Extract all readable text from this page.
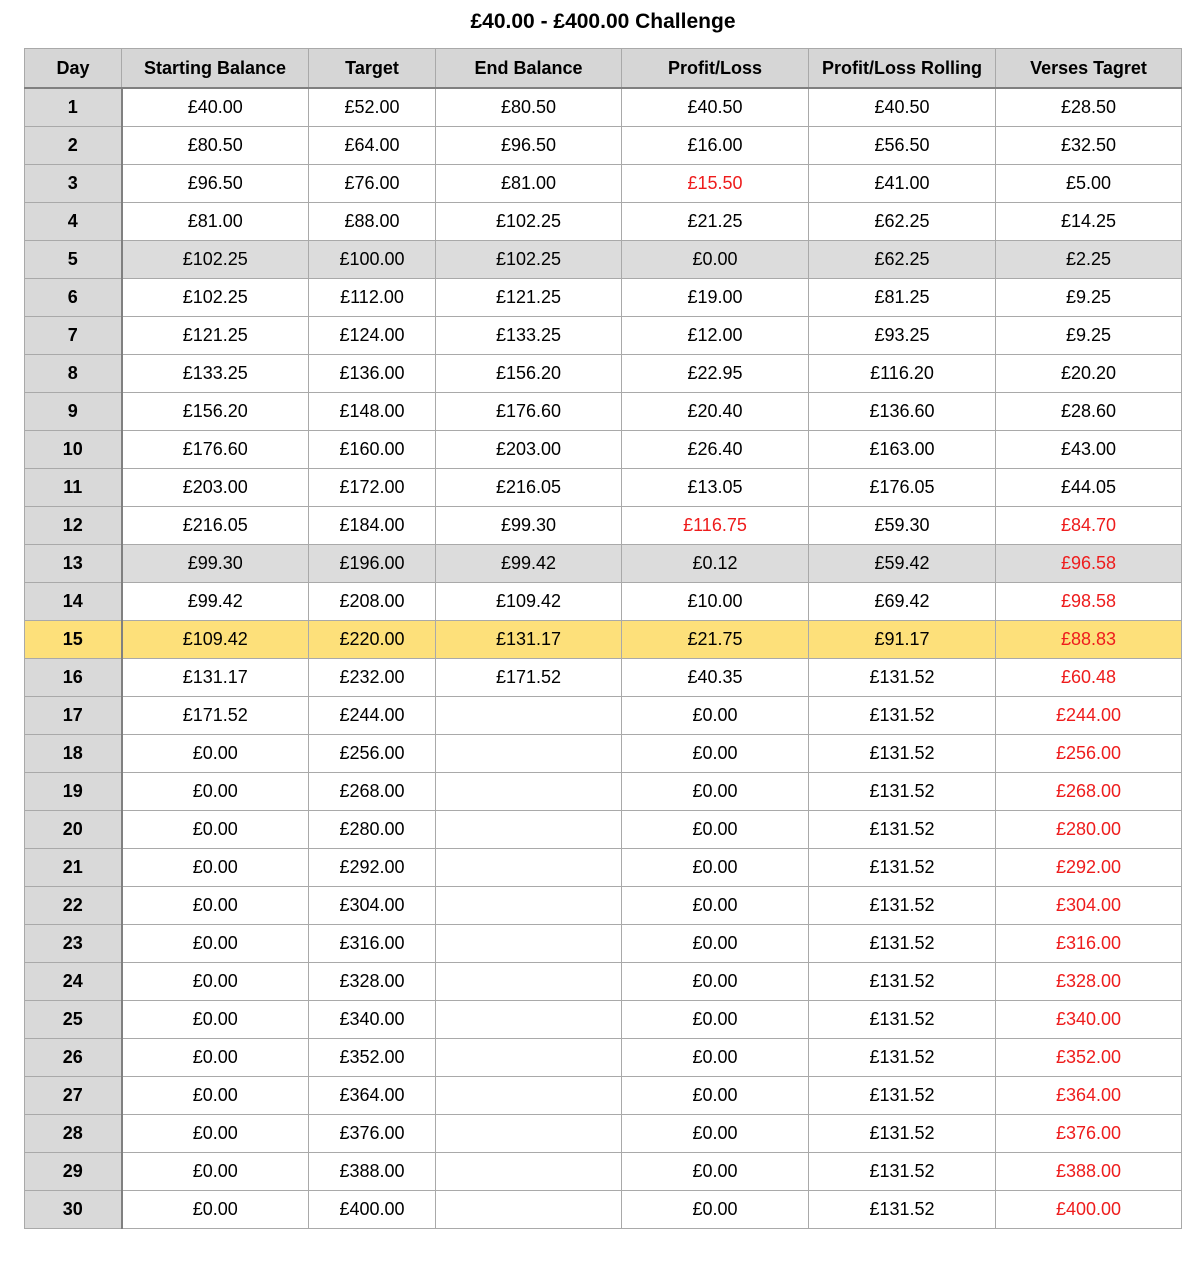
£40.00 - £400.00 Challenge
Day	Starting Balance	Target	End Balance	Profit/Loss	Profit/Loss Rolling	Verses Tagret
1	£40.00	£52.00	£80.50	£40.50	£40.50	£28.50
2	£80.50	£64.00	£96.50	£16.00	£56.50	£32.50
3	£96.50	£76.00	£81.00	£15.50	£41.00	£5.00
4	£81.00	£88.00	£102.25	£21.25	£62.25	£14.25
5	£102.25	£100.00	£102.25	£0.00	£62.25	£2.25
6	£102.25	£112.00	£121.25	£19.00	£81.25	£9.25
7	£121.25	£124.00	£133.25	£12.00	£93.25	£9.25
8	£133.25	£136.00	£156.20	£22.95	£116.20	£20.20
9	£156.20	£148.00	£176.60	£20.40	£136.60	£28.60
10	£176.60	£160.00	£203.00	£26.40	£163.00	£43.00
11	£203.00	£172.00	£216.05	£13.05	£176.05	£44.05
12	£216.05	£184.00	£99.30	£116.75	£59.30	£84.70
13	£99.30	£196.00	£99.42	£0.12	£59.42	£96.58
14	£99.42	£208.00	£109.42	£10.00	£69.42	£98.58
15	£109.42	£220.00	£131.17	£21.75	£91.17	£88.83
16	£131.17	£232.00	£171.52	£40.35	£131.52	£60.48
17	£171.52	£244.00		£0.00	£131.52	£244.00
18	£0.00	£256.00		£0.00	£131.52	£256.00
19	£0.00	£268.00		£0.00	£131.52	£268.00
20	£0.00	£280.00		£0.00	£131.52	£280.00
21	£0.00	£292.00		£0.00	£131.52	£292.00
22	£0.00	£304.00		£0.00	£131.52	£304.00
23	£0.00	£316.00		£0.00	£131.52	£316.00
24	£0.00	£328.00		£0.00	£131.52	£328.00
25	£0.00	£340.00		£0.00	£131.52	£340.00
26	£0.00	£352.00		£0.00	£131.52	£352.00
27	£0.00	£364.00		£0.00	£131.52	£364.00
28	£0.00	£376.00		£0.00	£131.52	£376.00
29	£0.00	£388.00		£0.00	£131.52	£388.00
30	£0.00	£400.00		£0.00	£131.52	£400.00
